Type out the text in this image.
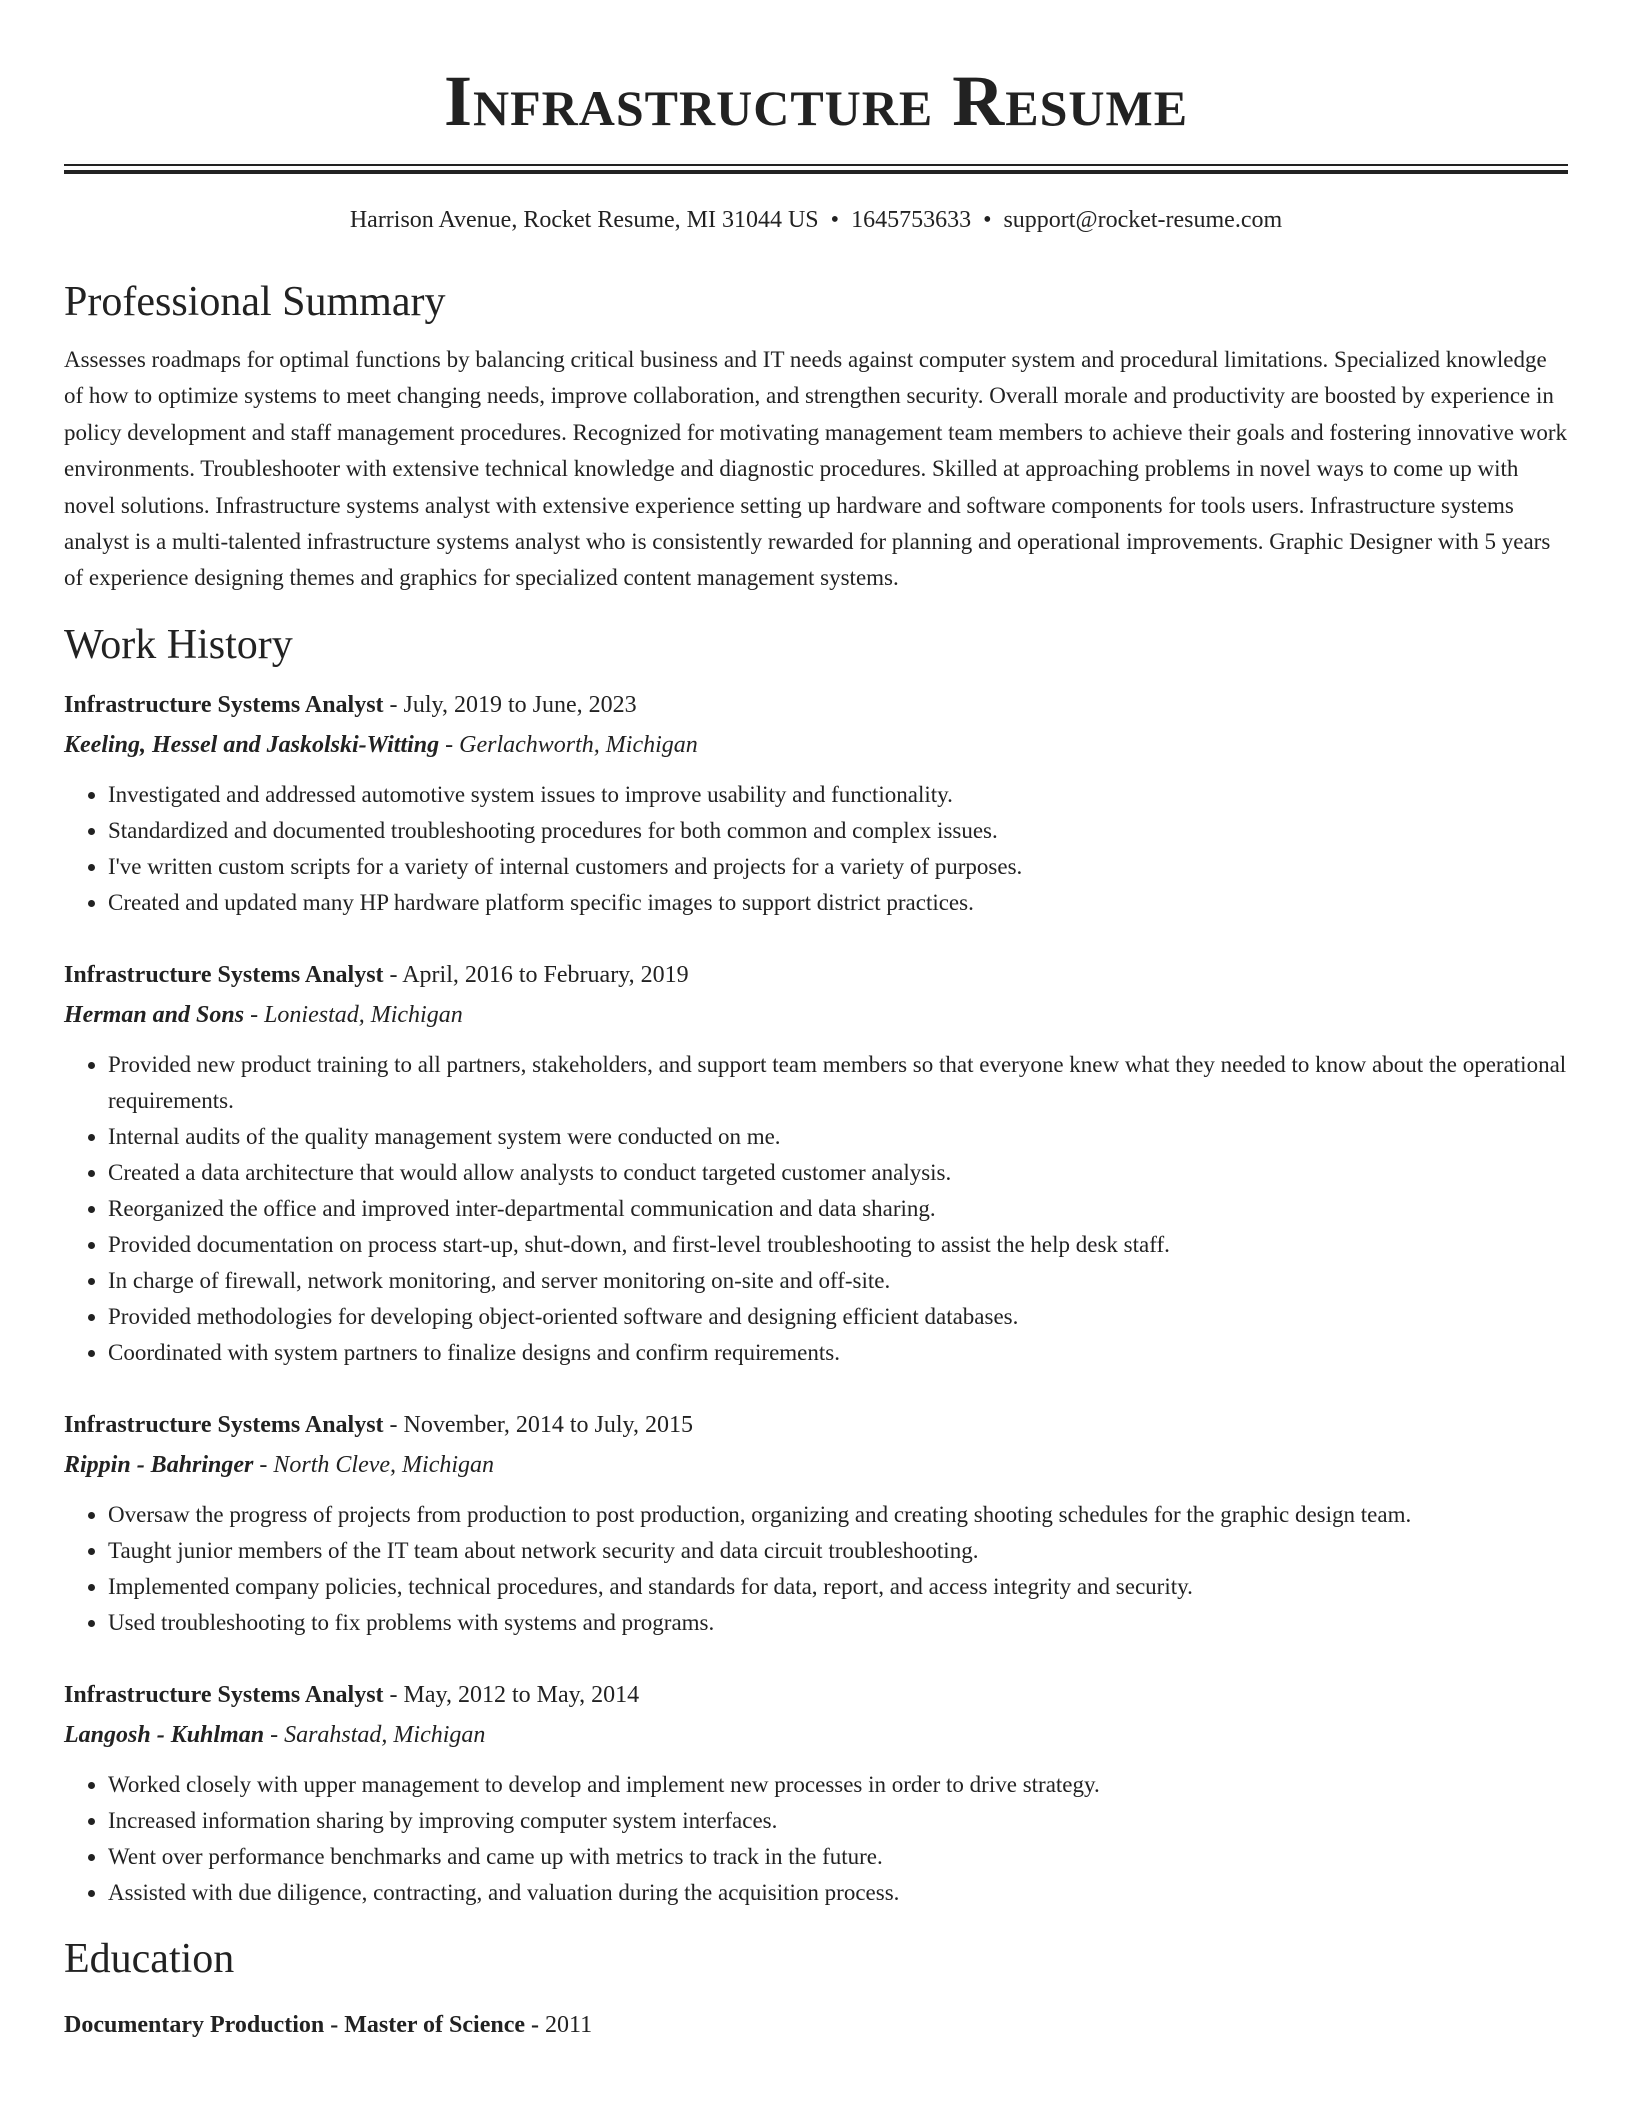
Infrastructure Resume
Harrison Avenue, Rocket Resume, MI 31044 US • 1645753633 • support@rocket-resume.com
Professional Summary

Assesses roadmaps for optimal functions by balancing critical business and IT needs against computer system and procedural limitations. Specialized knowledge of how to optimize systems to meet changing needs, improve collaboration, and strengthen security. Overall morale and productivity are boosted by experience in policy development and staff management procedures. Recognized for motivating management team members to achieve their goals and fostering innovative work environments. Troubleshooter with extensive technical knowledge and diagnostic procedures. Skilled at approaching problems in novel ways to come up with novel solutions. Infrastructure systems analyst with extensive experience setting up hardware and software components for tools users. Infrastructure systems analyst is a multi-talented infrastructure systems analyst who is consistently rewarded for planning and operational improvements. Graphic Designer with 5 years of experience designing themes and graphics for specialized content management systems.

Work History
Infrastructure Systems Analyst - July, 2019 to June, 2023
Keeling, Hessel and Jaskolski-Witting - Gerlachworth, Michigan
• Investigated and addressed automotive system issues to improve usability and functionality.
• Standardized and documented troubleshooting procedures for both common and complex issues.
• I've written custom scripts for a variety of internal customers and projects for a variety of purposes.
• Created and updated many HP hardware platform specific images to support district practices.
Infrastructure Systems Analyst - April, 2016 to February, 2019
Herman and Sons - Loniestad, Michigan
• Provided new product training to all partners, stakeholders, and support team members so that everyone knew what they needed to know about the operational requirements.
• Internal audits of the quality management system were conducted on me.
• Created a data architecture that would allow analysts to conduct targeted customer analysis.
• Reorganized the office and improved inter-departmental communication and data sharing.
• Provided documentation on process start-up, shut-down, and first-level troubleshooting to assist the help desk staff.
• In charge of firewall, network monitoring, and server monitoring on-site and off-site.
• Provided methodologies for developing object-oriented software and designing efficient databases.
• Coordinated with system partners to finalize designs and confirm requirements.
Infrastructure Systems Analyst - November, 2014 to July, 2015
Rippin - Bahringer - North Cleve, Michigan
• Oversaw the progress of projects from production to post production, organizing and creating shooting schedules for the graphic design team.
• Taught junior members of the IT team about network security and data circuit troubleshooting.
• Implemented company policies, technical procedures, and standards for data, report, and access integrity and security.
• Used troubleshooting to fix problems with systems and programs.
Infrastructure Systems Analyst - May, 2012 to May, 2014
Langosh - Kuhlman - Sarahstad, Michigan
• Worked closely with upper management to develop and implement new processes in order to drive strategy.
• Increased information sharing by improving computer system interfaces.
• Went over performance benchmarks and came up with metrics to track in the future.
• Assisted with due diligence, contracting, and valuation during the acquisition process.
Education
Documentary Production - Master of Science - 2011
